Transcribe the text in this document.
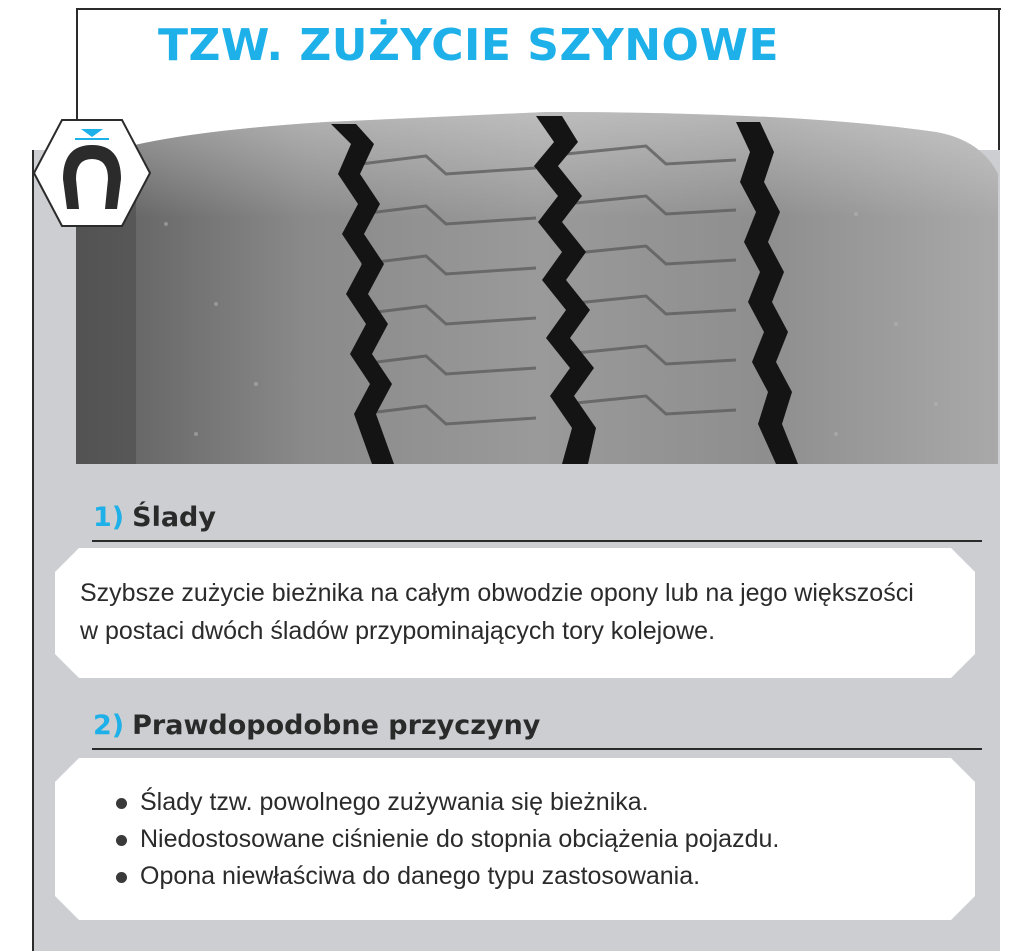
TZW. ZUŻYCIE SZYNOWE
1) Ślady

Szybsze zużycie bieżnika na całym obwodzie opony lub na jego większości

w postaci dwóch śladów przypominających tory kolejowe.

2) Prawdopodobne przyczyny
Ślady tzw. powolnego zużywania się bieżnika.
Niedostosowane ciśnienie do stopnia obciążenia pojazdu.
Opona niewłaściwa do danego typu zastosowania.
